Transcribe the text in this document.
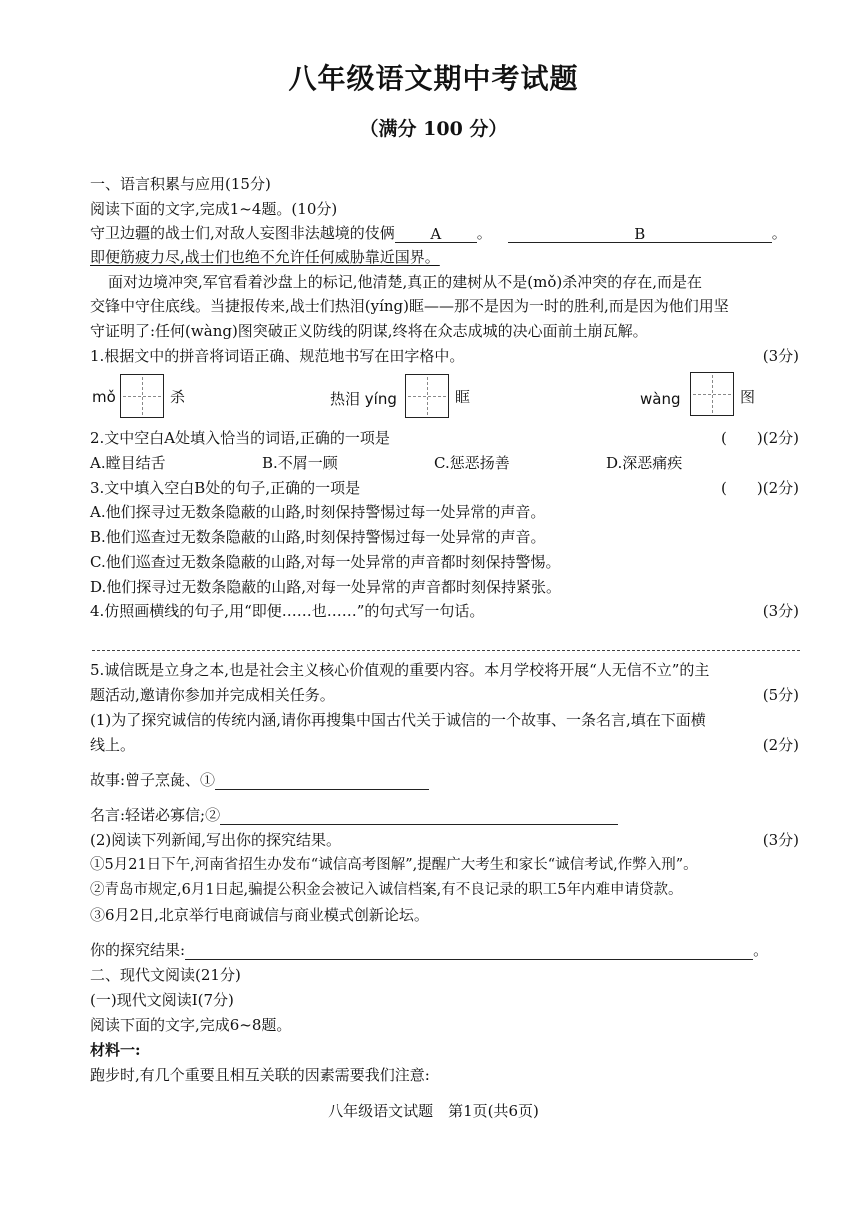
八年级语文期中考试题
（满分 100 分）
一、语言积累与应用(15分)
阅读下面的文字,完成1~4题。(10分)
守卫边疆的战士们,对敌人妄图非法越境的伎俩 A 。	B	。
即便筋疲力尽,战士们也绝不允许任何威胁靠近国界。
面对边境冲突,军官看着沙盘上的标记,他清楚,真正的建树从不是(mǒ)杀冲突的存在,而是在
交锋中守住底线。当捷报传来,战士们热泪(yíng)眶——那不是因为一时的胜利,而是因为他们用坚
守证明了:任何(wàng)图突破正义防线的阴谋,终将在众志成城的决心面前土崩瓦解。
1.根据文中的拼音将词语正确、规范地书写在田字格中。	(3分)
mǒ	杀	热泪 yíng	眶	wàng	图
2.文中空白A处填入恰当的词语,正确的一项是	(　　)(2分)
A.瞠目结舌	B.不屑一顾	C.惩恶扬善	D.深恶痛疾
3.文中填入空白B处的句子,正确的一项是	(　　)(2分)
A.他们探寻过无数条隐蔽的山路,时刻保持警惕过每一处异常的声音。
B.他们巡查过无数条隐蔽的山路,时刻保持警惕过每一处异常的声音。
C.他们巡查过无数条隐蔽的山路,对每一处异常的声音都时刻保持警惕。
D.他们探寻过无数条隐蔽的山路,对每一处异常的声音都时刻保持紧张。
4.仿照画横线的句子,用“即便……也……”的句式写一句话。	(3分)
5.诚信既是立身之本,也是社会主义核心价值观的重要内容。本月学校将开展“人无信不立”的主
题活动,邀请你参加并完成相关任务。	(5分)
(1)为了探究诚信的传统内涵,请你再搜集中国古代关于诚信的一个故事、一条名言,填在下面横
线上。	(2分)
故事:曾子烹彘、①
名言:轻诺必寡信;②
(2)阅读下列新闻,写出你的探究结果。	(3分)
①5月21日下午,河南省招生办发布“诚信高考图解”,提醒广大考生和家长“诚信考试,作弊入刑”。
②青岛市规定,6月1日起,骗提公积金会被记入诚信档案,有不良记录的职工5年内难申请贷款。
③6月2日,北京举行电商诚信与商业模式创新论坛。
你的探究结果:	。
二、现代文阅读(21分)
(一)现代文阅读Ⅰ(7分)
阅读下面的文字,完成6~8题。
材料一:
跑步时,有几个重要且相互关联的因素需要我们注意:
八年级语文试题　第1页(共6页)
